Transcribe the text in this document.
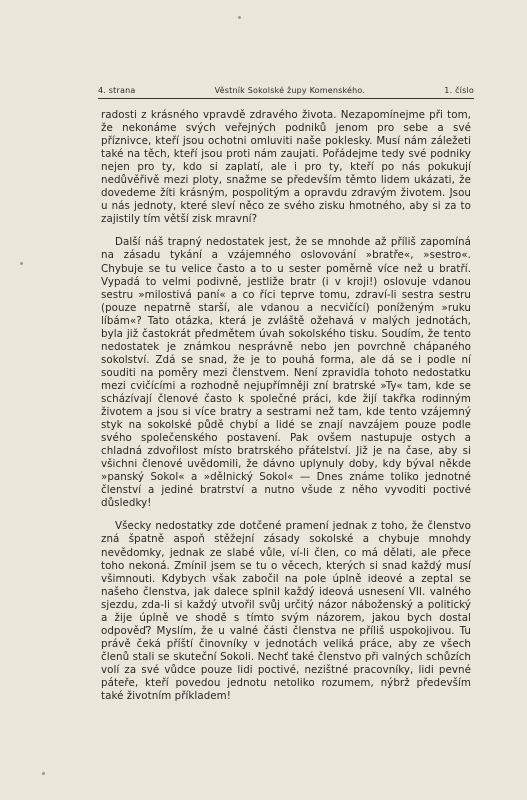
4. strana	Věstník Sokolské župy Komenského.	1. číslo

radosti z krásného vpravdě zdravého života. Nezapomínejme při tom, že nekonáme svých veřejných podniků jenom pro sebe a své příznivce, kteří jsou ochotni omluviti naše poklesky. Musí nám záležeti také na těch, kteří jsou proti nám zaujati. Pořádejme tedy své podniky nejen pro ty, kdo si zaplatí, ale i pro ty, kteří po nás pokukují nedůvěřivě mezi ploty, snažme se především těmto lidem ukázati, že dovedeme žíti krásným, pospolitým a opravdu zdravým životem. Jsou u nás jednoty, které sleví něco ze svého zisku hmotného, aby si za to zajistily tím větší zisk mravní?

Další náš trapný nedostatek jest, že se mnohde až příliš zapomíná na zásadu tykání a vzájemného oslovování »bratře«, »sestro«. Chybuje se tu velice často a to u sester poměrně více než u bratří. Vypadá to velmi podivně, jestliže bratr (i v kroji!) oslovuje vdanou sestru »milostivá paní« a co říci teprve tomu, zdraví-li sestra sestru (pouze nepatrně starší, ale vdanou a necvičící) poníženým »ruku líbám«? Tato otázka, která je zvláště ožehavá v malých jednotách, byla již častokrát předmětem úvah sokolského tisku. Soudím, že tento nedostatek je známkou nesprávně nebo jen povrchně chápaného sokolství. Zdá se snad, že je to pouhá forma, ale dá se i podle ní souditi na poměry mezi členstvem. Není zpravidla tohoto nedostatku mezi cvičícími a rozhodně nejupřímněji zní bratrské »Ty« tam, kde se scházívají členové často k společné práci, kde žijí takřka rodinným životem a jsou si více bratry a sestrami než tam, kde tento vzájemný styk na sokolské půdě chybí a lidé se znají navzájem pouze podle svého společenského postavení. Pak ovšem nastupuje ostych a chladná zdvořilost místo bratrského přátelství. Již je na čase, aby si všichni členové uvědomili, že dávno uplynuly doby, kdy býval někde »panský Sokol« a »dělnický Sokol« — Dnes známe toliko jednotné členství a jediné bratrství a nutno všude z něho vyvoditi poctivé důsledky!

Všecky nedostatky zde dotčené pramení jednak z toho, že členstvo zná špatně aspoň stěžejní zásady sokolské a chybuje mnohdy nevědomky, jednak ze slabé vůle, ví-li člen, co má dělati, ale přece toho nekoná. Zmínil jsem se tu o věcech, kterých si snad každý musí všimnouti. Kdybych však zabočil na pole úplně ideové a zeptal se našeho členstva, jak dalece splnil každý ideová usnesení VII. valného sjezdu, zda-li si každý utvořil svůj určitý názor náboženský a politický a žije úplně ve shodě s tímto svým názorem, jakou bych dostal odpověď? Myslím, že u valné části členstva ne příliš uspokojivou. Tu právě čeká příští činovníky v jednotách veliká práce, aby ze všech členů stali se skuteční Sokoli. Nechť také členstvo při valných schůzích volí za své vůdce pouze lidi poctivé, nezištné pracovníky, lidi pevné páteře, kteří povedou jednotu netoliko rozumem, nýbrž především také životním příkladem!
